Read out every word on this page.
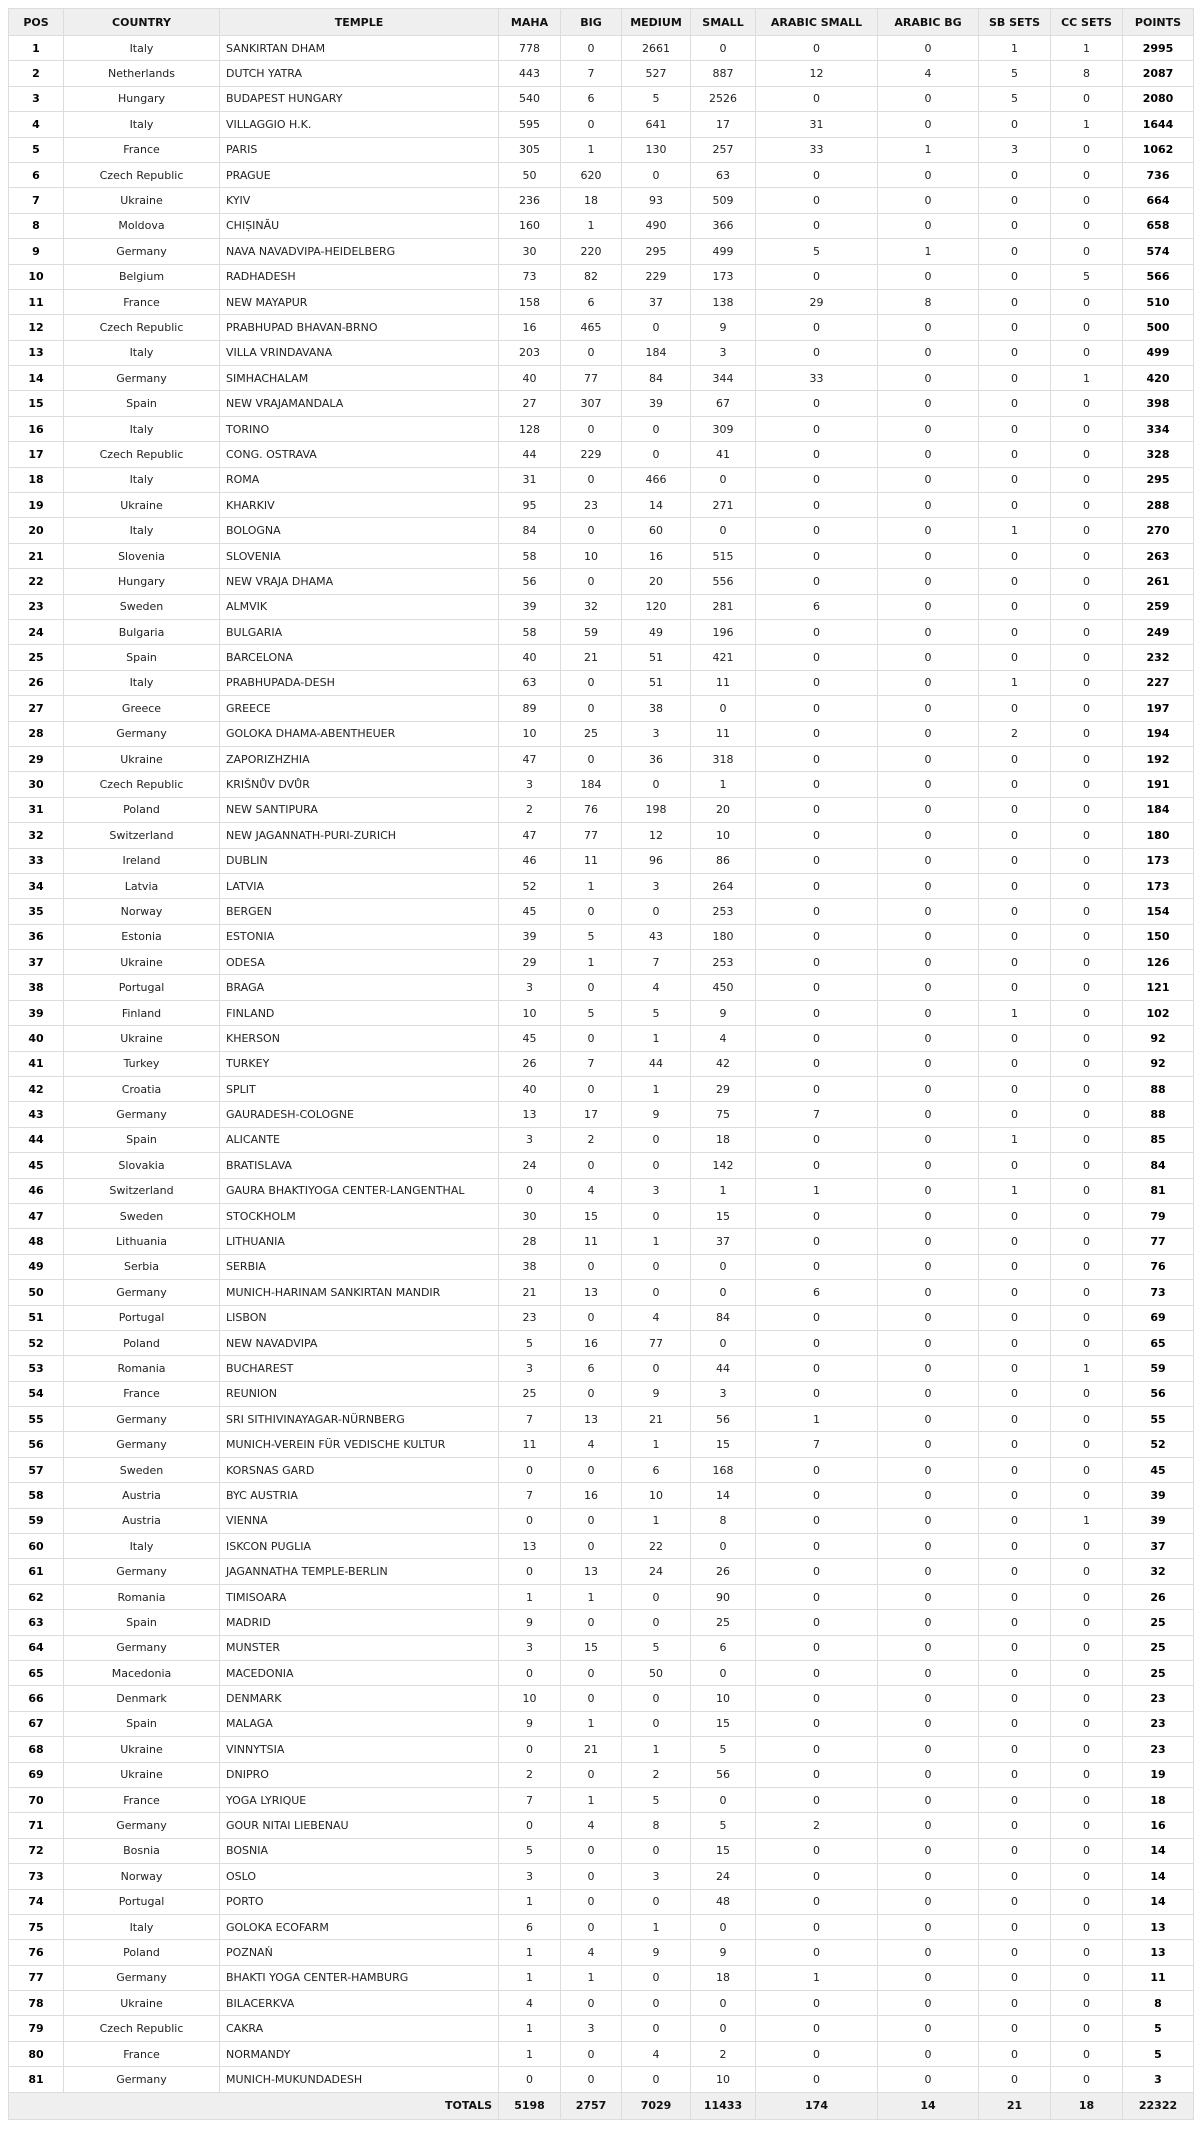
POS	COUNTRY	TEMPLE	MAHA	BIG	MEDIUM	SMALL	ARABIC SMALL	ARABIC BG	SB SETS	CC SETS	POINTS
1	Italy	SANKIRTAN DHAM	778	0	2661	0	0	0	1	1	2995
2	Netherlands	DUTCH YATRA	443	7	527	887	12	4	5	8	2087
3	Hungary	BUDAPEST HUNGARY	540	6	5	2526	0	0	5	0	2080
4	Italy	VILLAGGIO H.K.	595	0	641	17	31	0	0	1	1644
5	France	PARIS	305	1	130	257	33	1	3	0	1062
6	Czech Republic	PRAGUE	50	620	0	63	0	0	0	0	736
7	Ukraine	KYIV	236	18	93	509	0	0	0	0	664
8	Moldova	CHIȘINĂU	160	1	490	366	0	0	0	0	658
9	Germany	NAVA NAVADVIPA-HEIDELBERG	30	220	295	499	5	1	0	0	574
10	Belgium	RADHADESH	73	82	229	173	0	0	0	5	566
11	France	NEW MAYAPUR	158	6	37	138	29	8	0	0	510
12	Czech Republic	PRABHUPAD BHAVAN-BRNO	16	465	0	9	0	0	0	0	500
13	Italy	VILLA VRINDAVANA	203	0	184	3	0	0	0	0	499
14	Germany	SIMHACHALAM	40	77	84	344	33	0	0	1	420
15	Spain	NEW VRAJAMANDALA	27	307	39	67	0	0	0	0	398
16	Italy	TORINO	128	0	0	309	0	0	0	0	334
17	Czech Republic	CONG. OSTRAVA	44	229	0	41	0	0	0	0	328
18	Italy	ROMA	31	0	466	0	0	0	0	0	295
19	Ukraine	KHARKIV	95	23	14	271	0	0	0	0	288
20	Italy	BOLOGNA	84	0	60	0	0	0	1	0	270
21	Slovenia	SLOVENIA	58	10	16	515	0	0	0	0	263
22	Hungary	NEW VRAJA DHAMA	56	0	20	556	0	0	0	0	261
23	Sweden	ALMVIK	39	32	120	281	6	0	0	0	259
24	Bulgaria	BULGARIA	58	59	49	196	0	0	0	0	249
25	Spain	BARCELONA	40	21	51	421	0	0	0	0	232
26	Italy	PRABHUPADA-DESH	63	0	51	11	0	0	1	0	227
27	Greece	GREECE	89	0	38	0	0	0	0	0	197
28	Germany	GOLOKA DHAMA-ABENTHEUER	10	25	3	11	0	0	2	0	194
29	Ukraine	ZAPORIZHZHIA	47	0	36	318	0	0	0	0	192
30	Czech Republic	KRIŠNŮV DVŮR	3	184	0	1	0	0	0	0	191
31	Poland	NEW SANTIPURA	2	76	198	20	0	0	0	0	184
32	Switzerland	NEW JAGANNATH-PURI-ZURICH	47	77	12	10	0	0	0	0	180
33	Ireland	DUBLIN	46	11	96	86	0	0	0	0	173
34	Latvia	LATVIA	52	1	3	264	0	0	0	0	173
35	Norway	BERGEN	45	0	0	253	0	0	0	0	154
36	Estonia	ESTONIA	39	5	43	180	0	0	0	0	150
37	Ukraine	ODESA	29	1	7	253	0	0	0	0	126
38	Portugal	BRAGA	3	0	4	450	0	0	0	0	121
39	Finland	FINLAND	10	5	5	9	0	0	1	0	102
40	Ukraine	KHERSON	45	0	1	4	0	0	0	0	92
41	Turkey	TURKEY	26	7	44	42	0	0	0	0	92
42	Croatia	SPLIT	40	0	1	29	0	0	0	0	88
43	Germany	GAURADESH-COLOGNE	13	17	9	75	7	0	0	0	88
44	Spain	ALICANTE	3	2	0	18	0	0	1	0	85
45	Slovakia	BRATISLAVA	24	0	0	142	0	0	0	0	84
46	Switzerland	GAURA BHAKTIYOGA CENTER-LANGENTHAL	0	4	3	1	1	0	1	0	81
47	Sweden	STOCKHOLM	30	15	0	15	0	0	0	0	79
48	Lithuania	LITHUANIA	28	11	1	37	0	0	0	0	77
49	Serbia	SERBIA	38	0	0	0	0	0	0	0	76
50	Germany	MUNICH-HARINAM SANKIRTAN MANDIR	21	13	0	0	6	0	0	0	73
51	Portugal	LISBON	23	0	4	84	0	0	0	0	69
52	Poland	NEW NAVADVIPA	5	16	77	0	0	0	0	0	65
53	Romania	BUCHAREST	3	6	0	44	0	0	0	1	59
54	France	REUNION	25	0	9	3	0	0	0	0	56
55	Germany	SRI SITHIVINAYAGAR-NÜRNBERG	7	13	21	56	1	0	0	0	55
56	Germany	MUNICH-VEREIN FÜR VEDISCHE KULTUR	11	4	1	15	7	0	0	0	52
57	Sweden	KORSNAS GARD	0	0	6	168	0	0	0	0	45
58	Austria	BYC AUSTRIA	7	16	10	14	0	0	0	0	39
59	Austria	VIENNA	0	0	1	8	0	0	0	1	39
60	Italy	ISKCON PUGLIA	13	0	22	0	0	0	0	0	37
61	Germany	JAGANNATHA TEMPLE-BERLIN	0	13	24	26	0	0	0	0	32
62	Romania	TIMISOARA	1	1	0	90	0	0	0	0	26
63	Spain	MADRID	9	0	0	25	0	0	0	0	25
64	Germany	MUNSTER	3	15	5	6	0	0	0	0	25
65	Macedonia	MACEDONIA	0	0	50	0	0	0	0	0	25
66	Denmark	DENMARK	10	0	0	10	0	0	0	0	23
67	Spain	MALAGA	9	1	0	15	0	0	0	0	23
68	Ukraine	VINNYTSIA	0	21	1	5	0	0	0	0	23
69	Ukraine	DNIPRO	2	0	2	56	0	0	0	0	19
70	France	YOGA LYRIQUE	7	1	5	0	0	0	0	0	18
71	Germany	GOUR NITAI LIEBENAU	0	4	8	5	2	0	0	0	16
72	Bosnia	BOSNIA	5	0	0	15	0	0	0	0	14
73	Norway	OSLO	3	0	3	24	0	0	0	0	14
74	Portugal	PORTO	1	0	0	48	0	0	0	0	14
75	Italy	GOLOKA ECOFARM	6	0	1	0	0	0	0	0	13
76	Poland	POZNAŃ	1	4	9	9	0	0	0	0	13
77	Germany	BHAKTI YOGA CENTER-HAMBURG	1	1	0	18	1	0	0	0	11
78	Ukraine	BILACERKVA	4	0	0	0	0	0	0	0	8
79	Czech Republic	CAKRA	1	3	0	0	0	0	0	0	5
80	France	NORMANDY	1	0	4	2	0	0	0	0	5
81	Germany	MUNICH-MUKUNDADESH	0	0	0	10	0	0	0	0	3
TOTALS			5198	2757	7029	11433	174	14	21	18	22322
